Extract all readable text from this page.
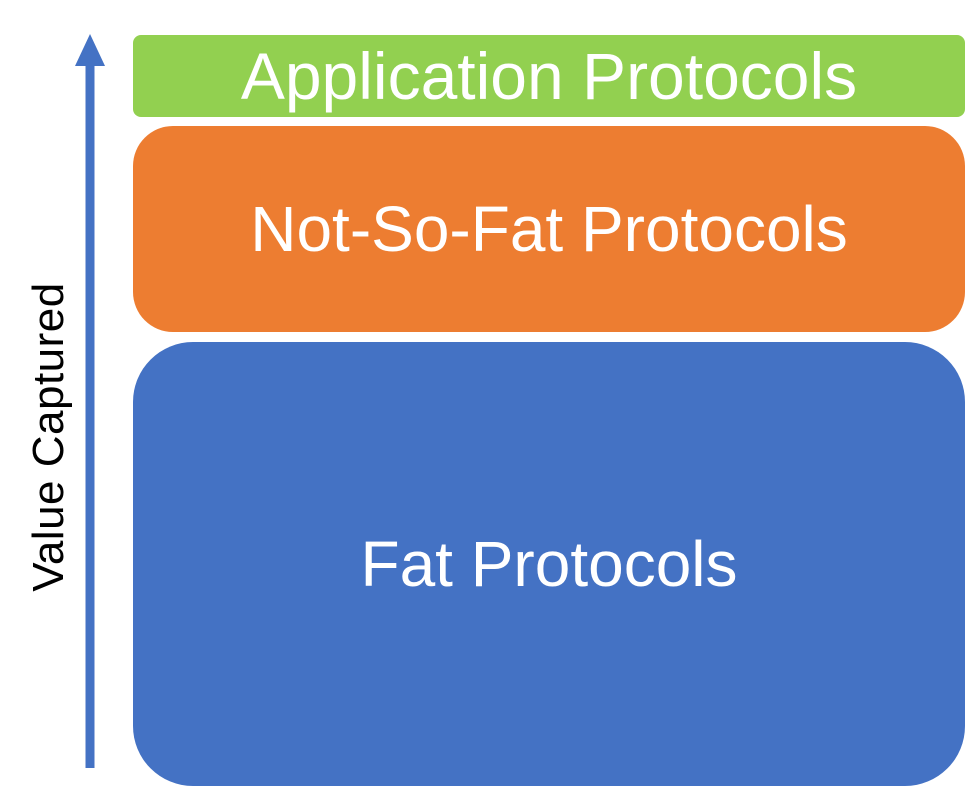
Value Captured
Application Protocols
Not-So-Fat Protocols
Fat Protocols
